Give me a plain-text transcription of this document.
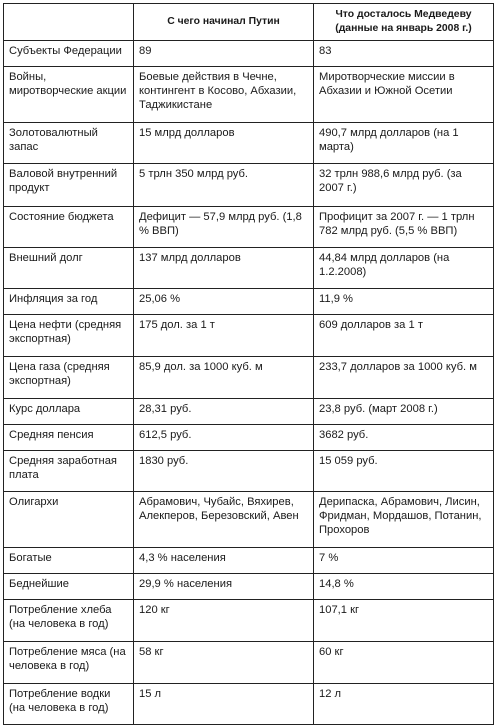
	С чего начинал Путин	Что досталось Медведеву (данные на январь 2008 г.)
Субъекты Федерации	89	83
Войны, миротворческие акции	Боевые действия в Чечне, контингент в Косово, Абхазии, Таджикистане	Миротворческие миссии в Абхазии и Южной Осетии
Золотовалютный запас	15 млрд долларов	490,7 млрд долларов (на 1 марта)
Валовой внутренний продукт	5 трлн 350 млрд руб.	32 трлн 988,6 млрд руб. (за 2007 г.)
Состояние бюджета	Дефицит — 57,9 млрд руб. (1,8 % ВВП)	Профицит за 2007 г. — 1 трлн 782 млрд руб. (5,5 % ВВП)
Внешний долг	137 млрд долларов	44,84 млрд долларов (на 1.2.2008)
Инфляция за год	25,06 %	11,9 %
Цена нефти (средняя экспортная)	175 дол. за 1 т	609 долларов за 1 т
Цена газа (средняя экспортная)	85,9 дол. за 1000 куб. м	233,7 долларов за 1000 куб. м
Курс доллара	28,31 руб.	23,8 руб. (март 2008 г.)
Средняя пенсия	612,5 руб.	3682 руб.
Средняя заработная плата	1830 руб.	15 059 руб.
Олигархи	Абрамович, Чубайс, Вяхирев, Алекперов, Березовский, Авен	Дерипаска, Абрамович, Лисин, Фридман, Мордашов, Потанин, Прохоров
Богатые	4,3 % населения	7 %
Беднейшие	29,9 % населения	14,8 %
Потребление хлеба (на человека в год)	120 кг	107,1 кг
Потребление мяса (на человека в год)	58 кг	60 кг
Потребление водки (на человека в год)	15 л	12 л
